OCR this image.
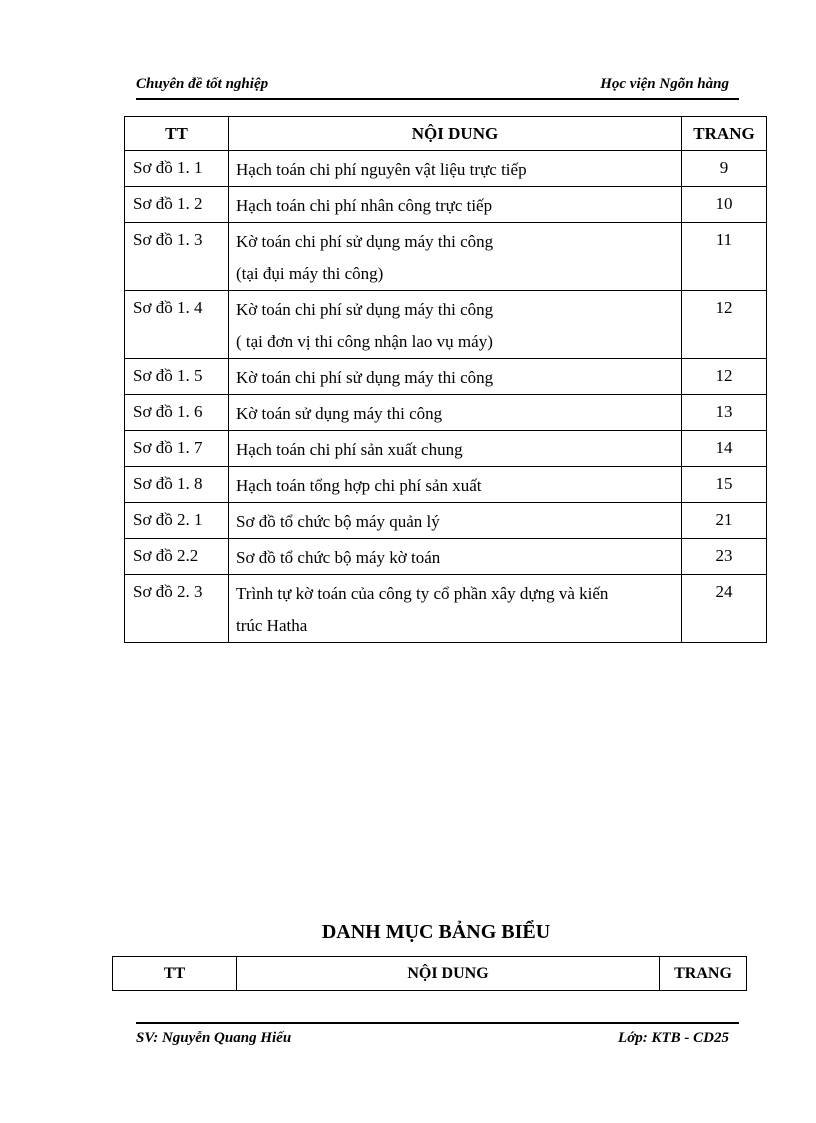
Chuyên đề tốt nghiệp	Học viện Ngõn hàng
TT	NỘI DUNG	TRANG
Sơ đồ 1. 1	Hạch toán chi phí nguyên vật liệu trực tiếp	9
Sơ đồ 1. 2	Hạch toán chi phí nhân công trực tiếp	10
Sơ đồ 1. 3	Kờ toán chi phí sử dụng máy thi công
(tại đụi máy thi công)	11
Sơ đồ 1. 4	Kờ toán chi phí sử dụng máy thi công
( tại đơn vị thi công nhận lao vụ máy)	12
Sơ đồ 1. 5	Kờ toán chi phí sử dụng máy thi công	12
Sơ đồ 1. 6	Kờ toán sử dụng máy thi công	13
Sơ đồ 1. 7	Hạch toán chi phí sản xuất chung	14
Sơ đồ 1. 8	Hạch toán tổng hợp chi phí sản xuất	15
Sơ đồ 2. 1	Sơ đồ tổ chức bộ máy quản lý	21
Sơ đồ 2.2	Sơ đồ tổ chức bộ máy kờ toán	23
Sơ đồ 2. 3	Trình tự kờ toán của công ty cổ phần xây dựng và kiến
trúc Hatha	24
DANH MỤC BẢNG BIỂU
TT	NỘI DUNG	TRANG
SV: Nguyễn Quang Hiếu	Lớp: KTB - CD25
